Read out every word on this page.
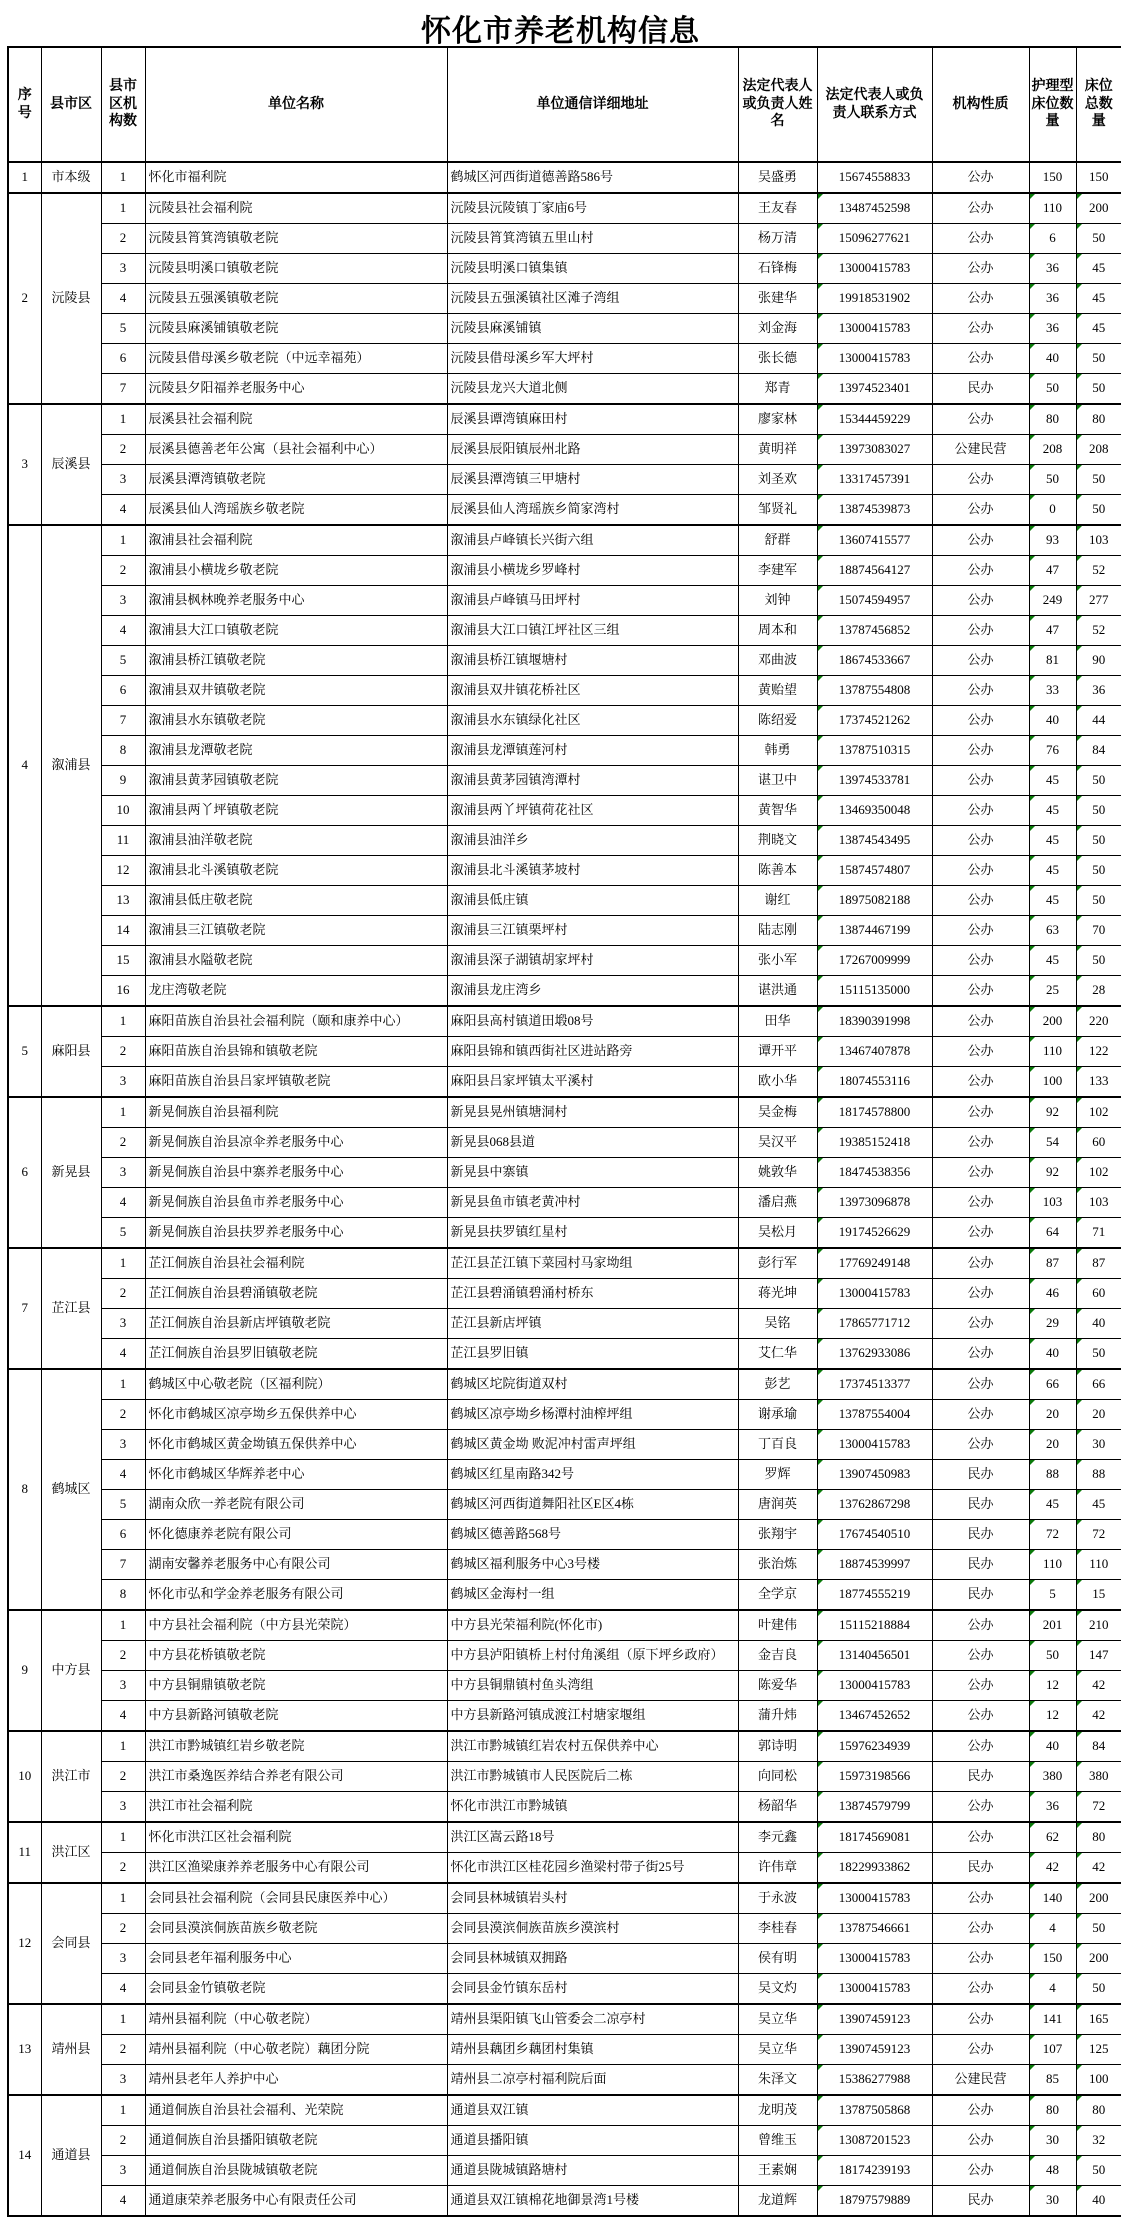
怀化市养老机构信息
序号	县市区	县市区机构数	单位名称	单位通信详细地址	法定代表人或负责人姓名	法定代表人或负责人联系方式	机构性质	护理型床位数量	床位总数量
1	市本级	1	怀化市福利院	鹤城区河西街道德善路586号	吴盛勇	15674558833	公办	150	150
2	沅陵县	1	沅陵县社会福利院	沅陵县沅陵镇丁家庙6号	王友春	13487452598	公办	110	200

		2	沅陵县筲箕湾镇敬老院	沅陵县筲箕湾镇五里山村	杨万清	15096277621	公办	6	50

		3	沅陵县明溪口镇敬老院	沅陵县明溪口镇集镇	石锋梅	13000415783	公办	36	45

		4	沅陵县五强溪镇敬老院	沅陵县五强溪镇社区滩子湾组	张建华	19918531902	公办	36	45

		5	沅陵县麻溪铺镇敬老院	沅陵县麻溪铺镇	刘金海	13000415783	公办	36	45

		6	沅陵县借母溪乡敬老院（中远幸福苑）	沅陵县借母溪乡军大坪村	张长德	13000415783	公办	40	50

		7	沅陵县夕阳福养老服务中心	沅陵县龙兴大道北侧	郑青	13974523401	民办	50	50

3	辰溪县	1	辰溪县社会福利院	辰溪县谭湾镇麻田村	廖家林	15344459229	公办	80	80

		2	辰溪县德善老年公寓（县社会福利中心）	辰溪县辰阳镇辰州北路	黄明祥	13973083027	公建民营	208	208

		3	辰溪县潭湾镇敬老院	辰溪县潭湾镇三甲塘村	刘圣欢	13317457391	公办	50	50

		4	辰溪县仙人湾瑶族乡敬老院	辰溪县仙人湾瑶族乡简家湾村	邹贤礼	13874539873	公办	0	50

4	溆浦县	1	溆浦县社会福利院	溆浦县卢峰镇长兴街六组	舒群	13607415577	公办	93	103

		2	溆浦县小横垅乡敬老院	溆浦县小横垅乡罗峰村	李建军	18874564127	公办	47	52

		3	溆浦县枫林晚养老服务中心	溆浦县卢峰镇马田坪村	刘钟	15074594957	公办	249	277

		4	溆浦县大江口镇敬老院	溆浦县大江口镇江坪社区三组	周本和	13787456852	公办	47	52

		5	溆浦县桥江镇敬老院	溆浦县桥江镇堰塘村	邓曲波	18674533667	公办	81	90

		6	溆浦县双井镇敬老院	溆浦县双井镇花桥社区	黄贻望	13787554808	公办	33	36

		7	溆浦县水东镇敬老院	溆浦县水东镇绿化社区	陈绍爱	17374521262	公办	40	44

		8	溆浦县龙潭敬老院	溆浦县龙潭镇莲河村	韩勇	13787510315	公办	76	84

		9	溆浦县黄茅园镇敬老院	溆浦县黄茅园镇湾潭村	谌卫中	13974533781	公办	45	50

		10	溆浦县两丫坪镇敬老院	溆浦县两丫坪镇荷花社区	黄智华	13469350048	公办	45	50

		11	溆浦县油洋敬老院	溆浦县油洋乡	荆晓文	13874543495	公办	45	50

		12	溆浦县北斗溪镇敬老院	溆浦县北斗溪镇茅坡村	陈善本	15874574807	公办	45	50

		13	溆浦县低庄敬老院	溆浦县低庄镇	谢红	18975082188	公办	45	50

		14	溆浦县三江镇敬老院	溆浦县三江镇栗坪村	陆志刚	13874467199	公办	63	70

		15	溆浦县水隘敬老院	溆浦县深子湖镇胡家坪村	张小军	17267009999	公办	45	50

		16	龙庄湾敬老院	溆浦县龙庄湾乡	谌洪通	15115135000	公办	25	28

5	麻阳县	1	麻阳苗族自治县社会福利院（颐和康养中心）	麻阳县高村镇道田塅08号	田华	18390391998	公办	200	220

		2	麻阳苗族自治县锦和镇敬老院	麻阳县锦和镇西街社区进站路旁	谭开平	13467407878	公办	110	122

		3	麻阳苗族自治县吕家坪镇敬老院	麻阳县吕家坪镇太平溪村	欧小华	18074553116	公办	100	133

6	新晃县	1	新晃侗族自治县福利院	新晃县晃州镇塘洞村	吴金梅	18174578800	公办	92	102

		2	新晃侗族自治县凉伞养老服务中心	新晃县068县道	吴汉平	19385152418	公办	54	60

		3	新晃侗族自治县中寨养老服务中心	新晃县中寨镇	姚敦华	18474538356	公办	92	102

		4	新晃侗族自治县鱼市养老服务中心	新晃县鱼市镇老黄冲村	潘启燕	13973096878	公办	103	103

		5	新晃侗族自治县扶罗养老服务中心	新晃县扶罗镇红星村	吴松月	19174526629	公办	64	71

7	芷江县	1	芷江侗族自治县社会福利院	芷江县芷江镇下菜园村马家坳组	彭行军	17769249148	公办	87	87

		2	芷江侗族自治县碧涌镇敬老院	芷江县碧涌镇碧涌村桥东	蒋光坤	13000415783	公办	46	60

		3	芷江侗族自治县新店坪镇敬老院	芷江县新店坪镇	吴铭	17865771712	公办	29	40

		4	芷江侗族自治县罗旧镇敬老院	芷江县罗旧镇	艾仁华	13762933086	公办	40	50

8	鹤城区	1	鹤城区中心敬老院（区福利院）	鹤城区坨院街道双村	彭艺	17374513377	公办	66	66

		2	怀化市鹤城区凉亭坳乡五保供养中心	鹤城区凉亭坳乡杨潭村油榨坪组	谢承瑜	13787554004	公办	20	20

		3	怀化市鹤城区黄金坳镇五保供养中心	鹤城区黄金坳 败泥冲村雷声坪组	丁百良	13000415783	公办	20	30

		4	怀化市鹤城区华辉养老中心	鹤城区红星南路342号	罗辉	13907450983	民办	88	88

		5	湖南众欣一养老院有限公司	鹤城区河西街道舞阳社区E区4栋	唐润英	13762867298	民办	45	45

		6	怀化德康养老院有限公司	鹤城区德善路568号	张翔宇	17674540510	民办	72	72

		7	湖南安馨养老服务中心有限公司	鹤城区福利服务中心3号楼	张治炼	18874539997	民办	110	110

		8	怀化市弘和学金养老服务有限公司	鹤城区金海村一组	全学京	18774555219	民办	5	15

9	中方县	1	中方县社会福利院（中方县光荣院）	中方县光荣福利院(怀化市)	叶建伟	15115218884	公办	201	210

		2	中方县花桥镇敬老院	中方县泸阳镇桥上村付角溪组（原下坪乡政府）	金吉良	13140456501	公办	50	147

		3	中方县铜鼎镇敬老院	中方县铜鼎镇村鱼头湾组	陈爱华	13000415783	公办	12	42

		4	中方县新路河镇敬老院	中方县新路河镇成渡江村塘家堰组	蒲升炜	13467452652	公办	12	42

10	洪江市	1	洪江市黔城镇红岩乡敬老院	洪江市黔城镇红岩农村五保供养中心	郭诗明	15976234939	公办	40	84

		2	洪江市桑逸医养结合养老有限公司	洪江市黔城镇市人民医院后二栋	向同松	15973198566	民办	380	380

		3	洪江市社会福利院	怀化市洪江市黔城镇	杨韶华	13874579799	公办	36	72

11	洪江区	1	怀化市洪江区社会福利院	洪江区嵩云路18号	李元鑫	18174569081	公办	62	80

		2	洪江区渔梁康养养老服务中心有限公司	怀化市洪江区桂花园乡渔梁村带子街25号	许伟章	18229933862	民办	42	42

12	会同县	1	会同县社会福利院（会同县民康医养中心）	会同县林城镇岩头村	于永波	13000415783	公办	140	200

		2	会同县漠滨侗族苗族乡敬老院	会同县漠滨侗族苗族乡漠滨村	李桂春	13787546661	公办	4	50

		3	会同县老年福利服务中心	会同县林城镇双拥路	侯有明	13000415783	公办	150	200

		4	会同县金竹镇敬老院	会同县金竹镇东岳村	吴文灼	13000415783	公办	4	50

13	靖州县	1	靖州县福利院（中心敬老院）	靖州县渠阳镇飞山管委会二凉亭村	吴立华	13907459123	公办	141	165

		2	靖州县福利院（中心敬老院）藕团分院	靖州县藕团乡藕团村集镇	吴立华	13907459123	公办	107	125

		3	靖州县老年人养护中心	靖州县二凉亭村福利院后面	朱泽文	15386277988	公建民营	85	100

14	通道县	1	通道侗族自治县社会福利、光荣院	通道县双江镇	龙明茂	13787505868	公办	80	80

		2	通道侗族自治县播阳镇敬老院	通道县播阳镇	曾维玉	13087201523	公办	30	32

		3	通道侗族自治县陇城镇敬老院	通道县陇城镇路塘村	王素娴	18174239193	公办	48	50

		4	通道康荣养老服务中心有限责任公司	通道县双江镇棉花地御景湾1号楼	龙道辉	18797579889	民办	30	40
